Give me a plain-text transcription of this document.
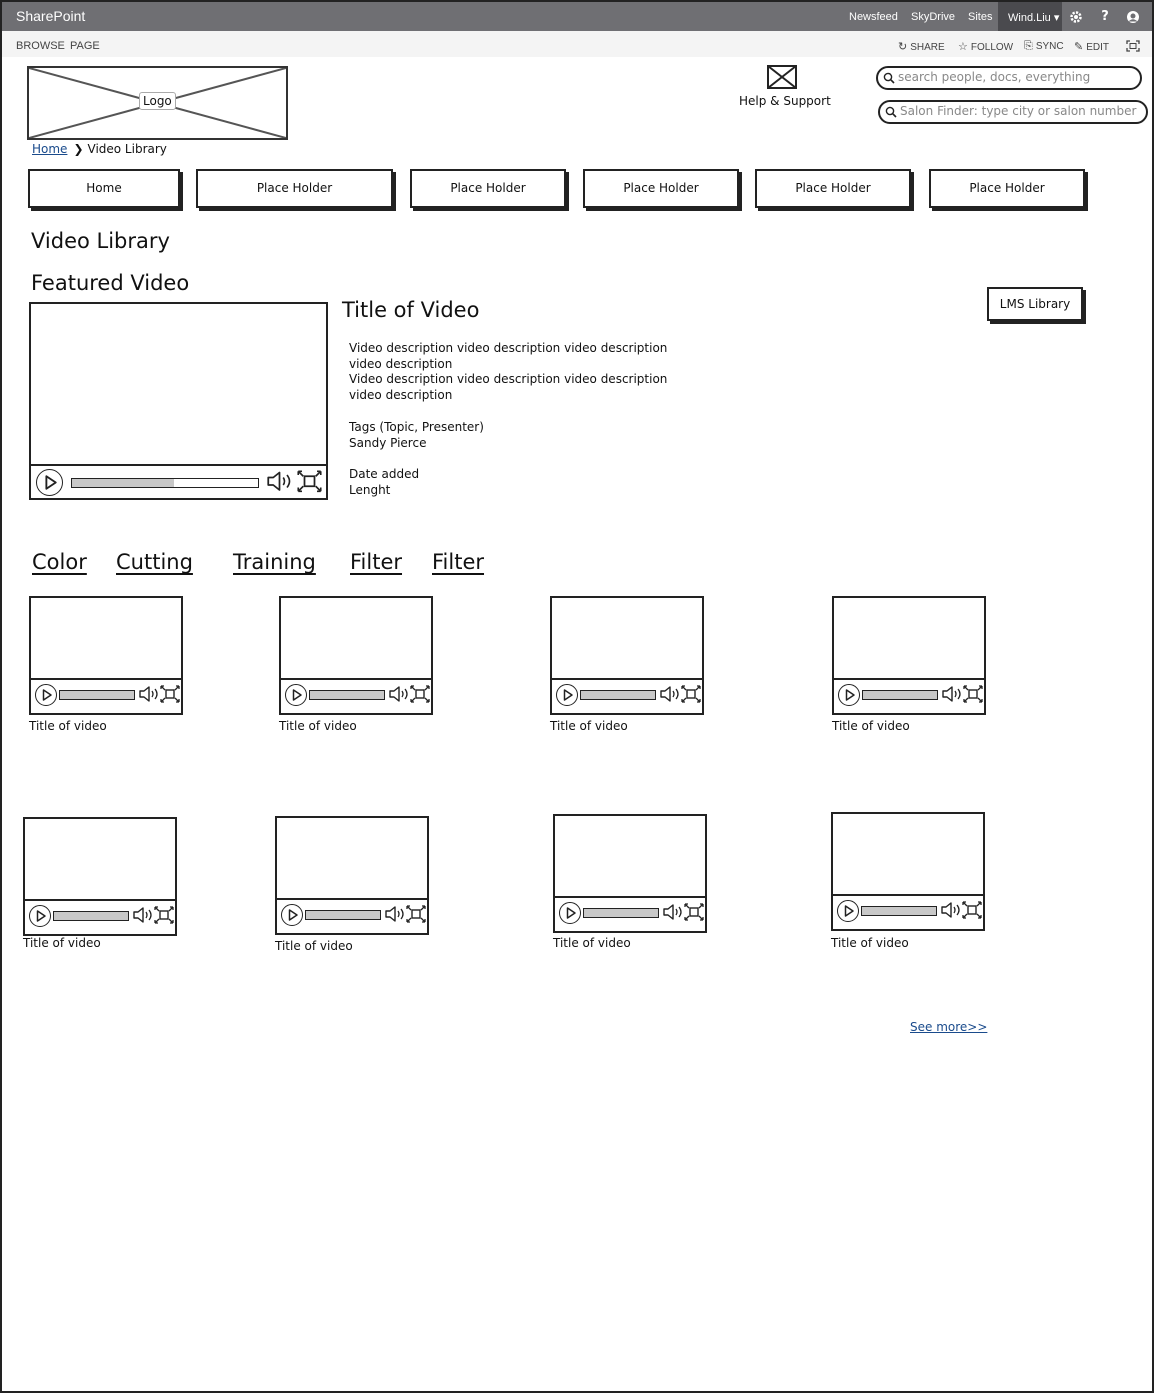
SharePoint	Newsfeed SkyDrive Sites Wind.Liu ▾	?
BROWSE PAGE	↻ SHARE ☆ FOLLOW ⎘ SYNC ✎ EDIT
Logo	Help & Support
search people, docs, everything
Salon Finder: type city or salon number
Home ❯ Video Library
Home	Place Holder	Place Holder	Place Holder	Place Holder	Place Holder
Video Library
Featured Video
Title of Video	LMS Library
Video description video description video description
video description
Video description video description video description
video description
Tags (Topic, Presenter)
Sandy Pierce
Date added
Lenght
Color Cutting Training Filter Filter
Title of video	Title of video	Title of video	Title of video
Title of video	Title of video	Title of video	Title of video
See more>>
